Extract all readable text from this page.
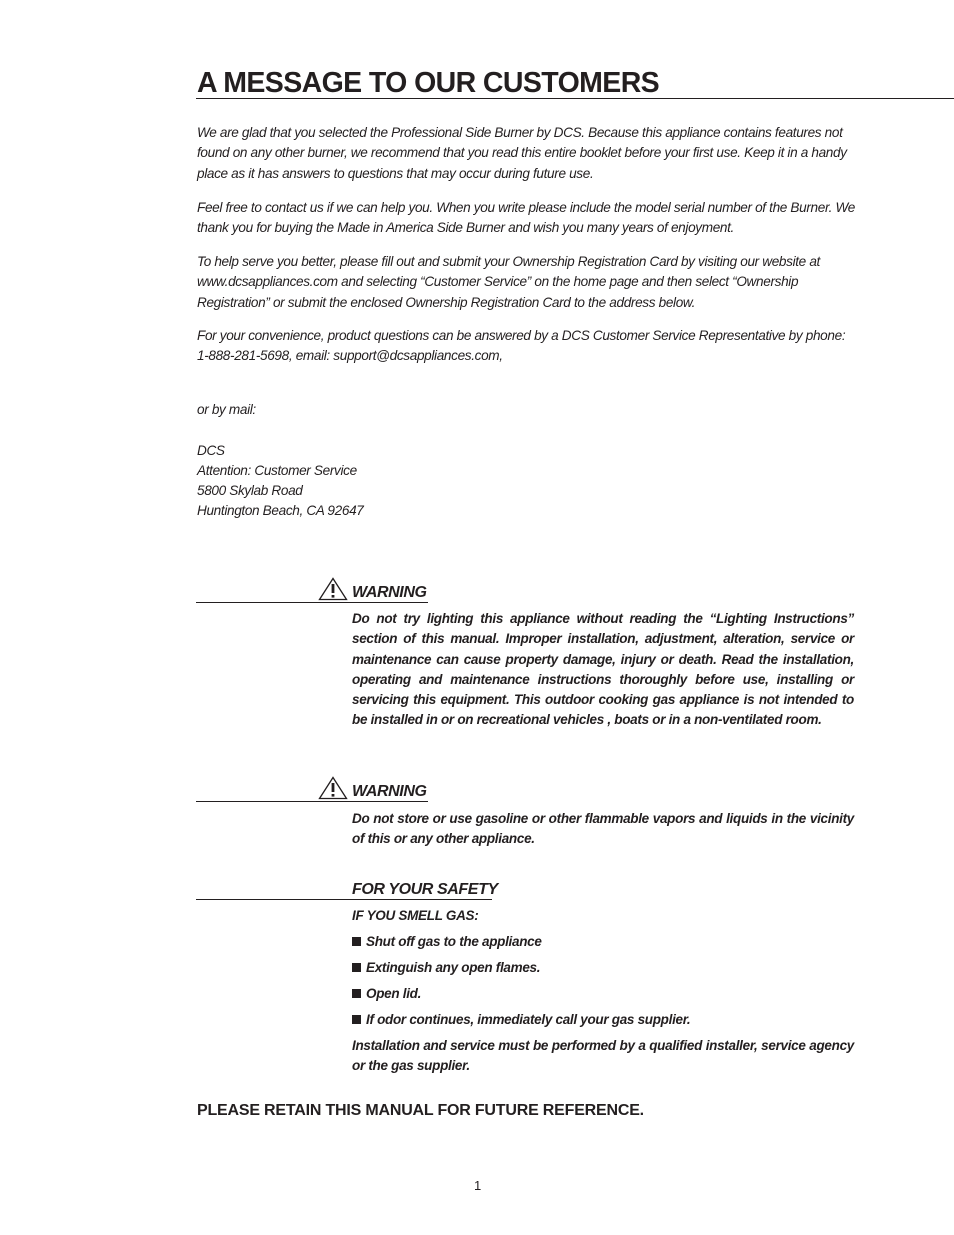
A MESSAGE TO OUR CUSTOMERS

We are glad that you selected the Professional Side Burner by DCS. Because this appliance contains features not found on any other burner, we recommend that you read this entire booklet before your first use. Keep it in a handy place as it has answers to questions that may occur during future use.

Feel free to contact us if we can help you. When you write please include the model serial number of the Burner. We thank you for buying the Made in America Side Burner and wish you many years of enjoyment.

To help serve you better, please fill out and submit your Ownership Registration Card by visiting our website at www.dcsappliances.com and selecting “Customer Service” on the home page and then select “Ownership Registration” or submit the enclosed Ownership Registration Card to the address below.

For your convenience, product questions can be answered by a DCS Customer Service Representative by phone: 1-888-281-5698, email: support@dcsappliances.com,

or by mail:

DCS
Attention: Customer Service
5800 Skylab Road
Huntington Beach, CA 92647
WARNING

Do not try lighting this appliance without reading the “Lighting Instructions” section of this manual. Improper installation, adjustment, alteration, service or maintenance can cause property damage, injury or death. Read the installation, operating and maintenance instructions thoroughly before use, installing or servicing this equipment. This outdoor cooking gas appliance is not intended to be installed in or on recreational vehicles , boats or in a non-ventilated room.

WARNING

Do not store or use gasoline or other flammable vapors and liquids in the vicinity of this or any other appliance.

FOR YOUR SAFETY
IF YOU SMELL GAS:
Shut off gas to the appliance
Extinguish any open flames.
Open lid.
If odor continues, immediately call your gas supplier.

Installation and service must be performed by a qualified installer, service agency or the gas supplier.

PLEASE RETAIN THIS MANUAL FOR FUTURE REFERENCE.
1
